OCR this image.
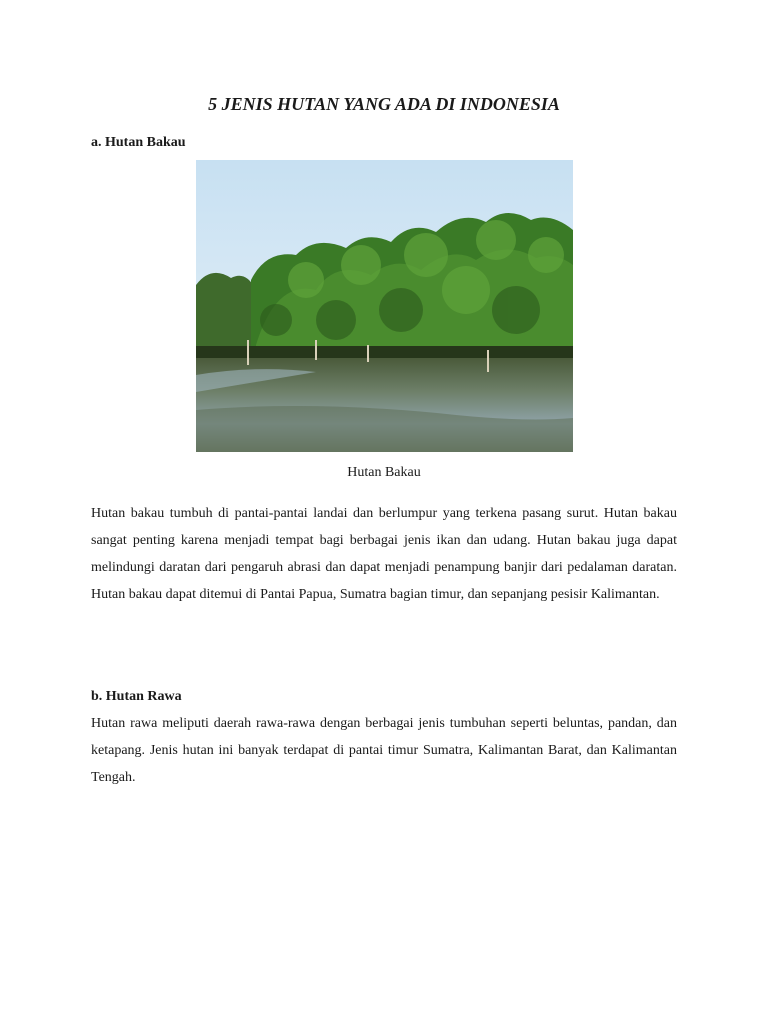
5 JENIS HUTAN YANG ADA DI INDONESIA
a. Hutan Bakau
Hutan Bakau

Hutan bakau tumbuh di pantai-pantai landai dan berlumpur yang terkena pasang surut. Hutan bakau sangat penting karena menjadi tempat bagi berbagai jenis ikan dan udang. Hutan bakau juga dapat melindungi daratan dari pengaruh abrasi dan dapat menjadi penampung banjir dari pedalaman daratan. Hutan bakau dapat ditemui di Pantai Papua, Sumatra bagian timur, dan sepanjang pesisir Kalimantan.

b. Hutan Rawa

Hutan rawa meliputi daerah rawa-rawa dengan berbagai jenis tumbuhan seperti beluntas, pandan, dan ketapang. Jenis hutan ini banyak terdapat di pantai timur Sumatra, Kalimantan Barat, dan Kalimantan Tengah.
